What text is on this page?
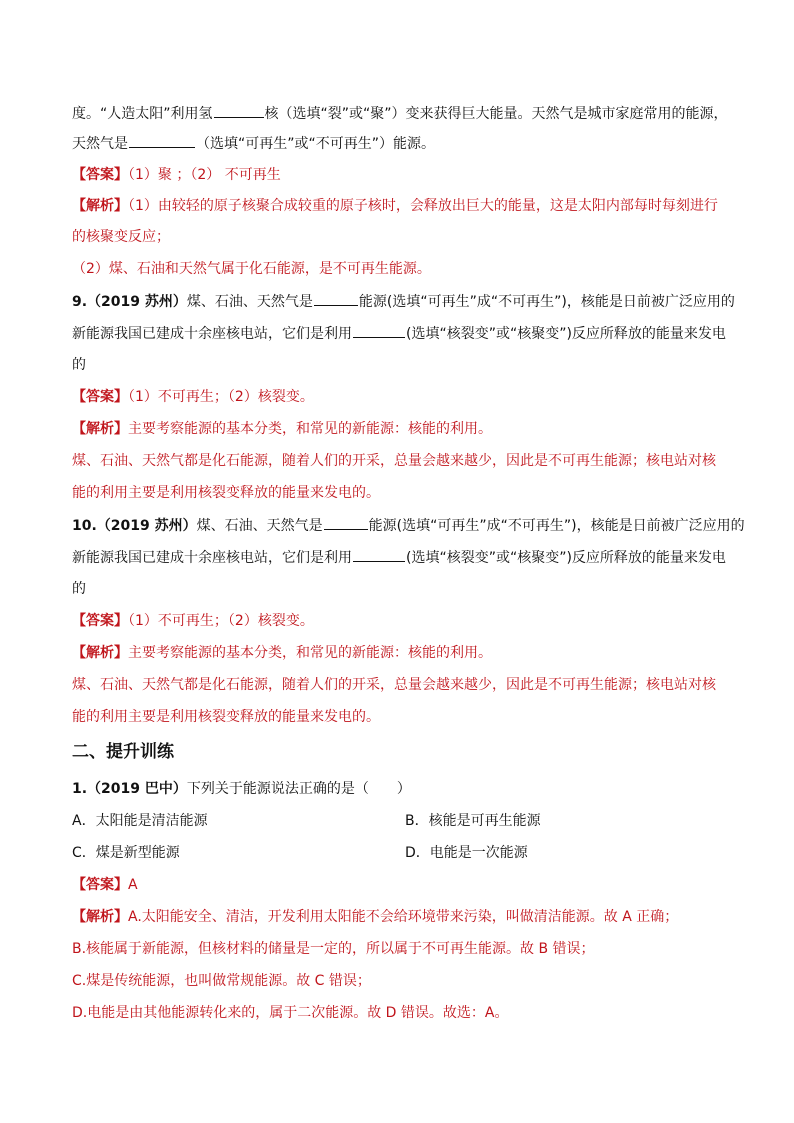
度。“人造太阳”利用氢	核（选填“裂”或“聚”）变来获得巨大能量。天然气是城市家庭常用的能源，
天然气是	（选填“可再生”或“不可再生”）能源。
【答案】（1）聚 ；（2） 不可再生
【解析】（1）由较轻的原子核聚合成较重的原子核时，会释放出巨大的能量，这是太阳内部每时每刻进行
的核聚变反应；
（2）煤、石油和天然气属于化石能源，是不可再生能源。
9.（2019 苏州）煤、石油、天然气是	能源(选填“可再生”成“不可再生”)，核能是日前被广泛应用的
新能源我国已建成十余座核电站，它们是利用	(选填“核裂变”或“核聚变”)反应所释放的能量来发电
的
【答案】（1）不可再生；（2）核裂变。
【解析】主要考察能源的基本分类，和常见的新能源：核能的利用。
煤、石油、天然气都是化石能源，随着人们的开采，总量会越来越少，因此是不可再生能源；核电站对核
能的利用主要是利用核裂变释放的能量来发电的。
10.（2019 苏州）煤、石油、天然气是	能源(选填“可再生”成“不可再生”)，核能是日前被广泛应用的
新能源我国已建成十余座核电站，它们是利用	(选填“核裂变”或“核聚变”)反应所释放的能量来发电
的
【答案】（1）不可再生；（2）核裂变。
【解析】主要考察能源的基本分类，和常见的新能源：核能的利用。
煤、石油、天然气都是化石能源，随着人们的开采，总量会越来越少，因此是不可再生能源；核电站对核
能的利用主要是利用核裂变释放的能量来发电的。
二、提升训练
1.（2019 巴中）下列关于能源说法正确的是（　　）
A．太阳能是清洁能源	B．核能是可再生能源
C．煤是新型能源	D．电能是一次能源
【答案】A
【解析】A.太阳能安全、清洁，开发利用太阳能不会给环境带来污染，叫做清洁能源。故 A 正确；
B.核能属于新能源，但核材料的储量是一定的，所以属于不可再生能源。故 B 错误；
C.煤是传统能源，也叫做常规能源。故 C 错误；
D.电能是由其他能源转化来的，属于二次能源。故 D 错误。故选：A。
